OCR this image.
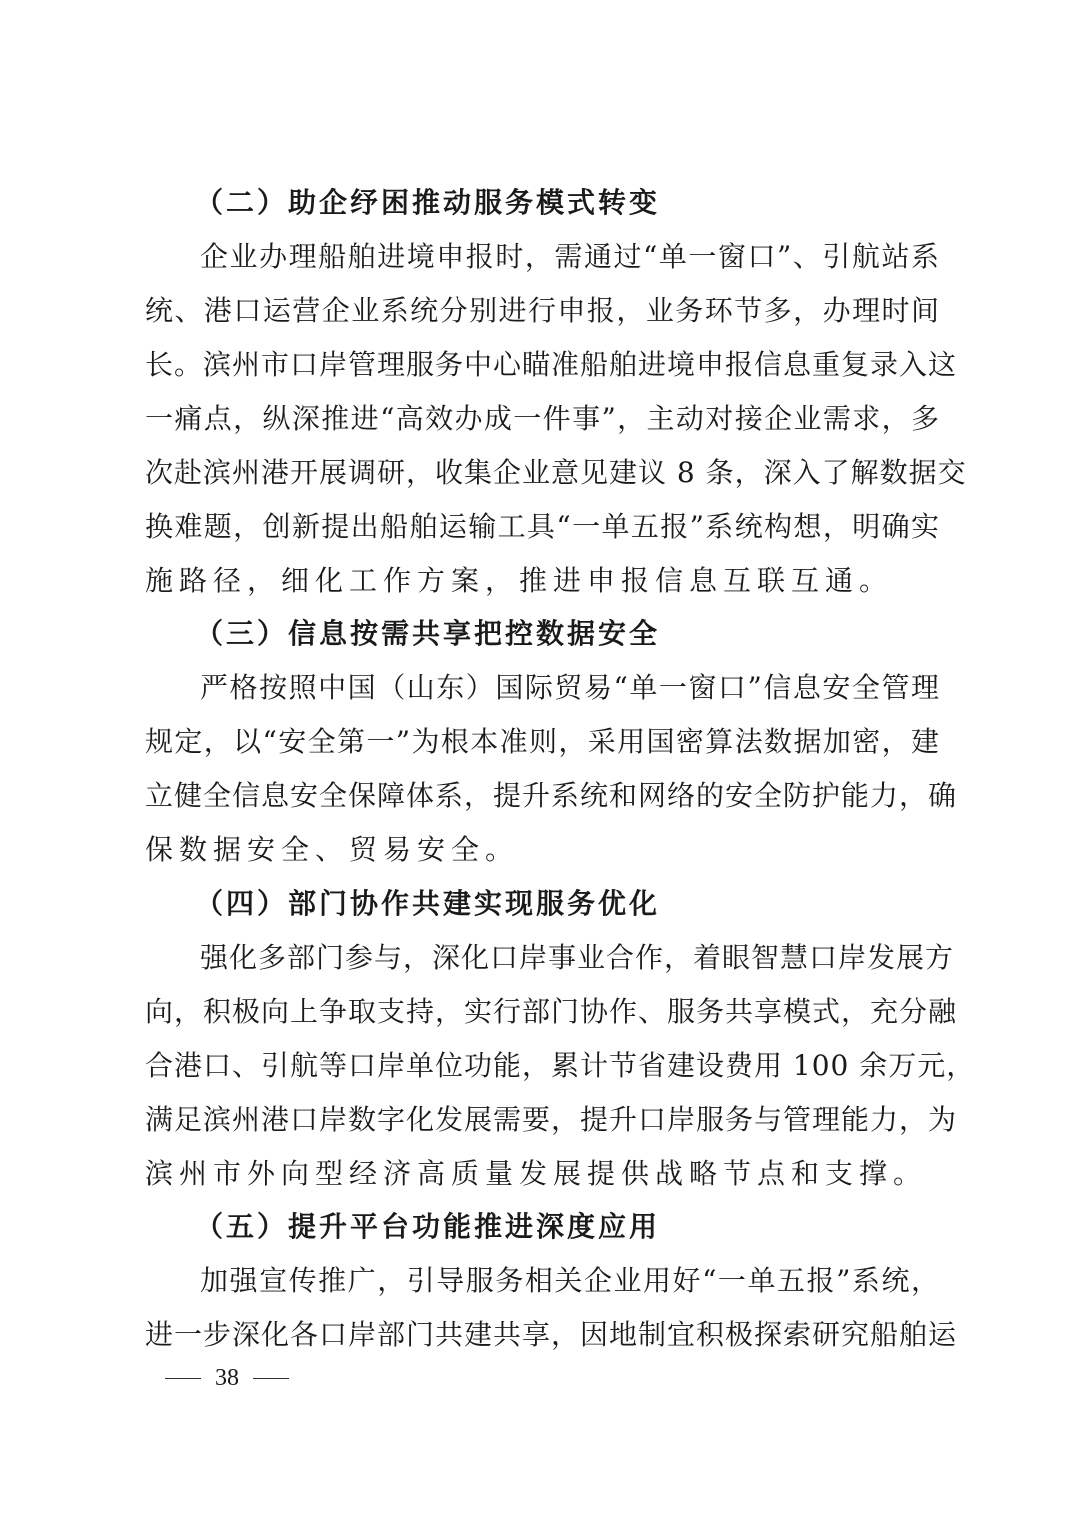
（二）助企纾困推动服务模式转变
企业办理船舶进境申报时，需通过“单一窗口”、引航站系
统、港口运营企业系统分别进行申报，业务环节多，办理时间
长。滨州市口岸管理服务中心瞄准船舶进境申报信息重复录入这
一痛点，纵深推进“高效办成一件事”，主动对接企业需求，多
次赴滨州港开展调研，收集企业意见建议 8 条，深入了解数据交
换难题，创新提出船舶运输工具“一单五报”系统构想，明确实
施路径，细化工作方案，推进申报信息互联互通。
（三）信息按需共享把控数据安全
严格按照中国（山东）国际贸易“单一窗口”信息安全管理
规定，以“安全第一”为根本准则，采用国密算法数据加密，建
立健全信息安全保障体系，提升系统和网络的安全防护能力，确
保数据安全、贸易安全。
（四）部门协作共建实现服务优化
强化多部门参与，深化口岸事业合作，着眼智慧口岸发展方
向，积极向上争取支持，实行部门协作、服务共享模式，充分融
合港口、引航等口岸单位功能，累计节省建设费用 100 余万元，
满足滨州港口岸数字化发展需要，提升口岸服务与管理能力，为
滨州市外向型经济高质量发展提供战略节点和支撑。
（五）提升平台功能推进深度应用
加强宣传推广，引导服务相关企业用好“一单五报”系统，
进一步深化各口岸部门共建共享，因地制宜积极探索研究船舶运
38
